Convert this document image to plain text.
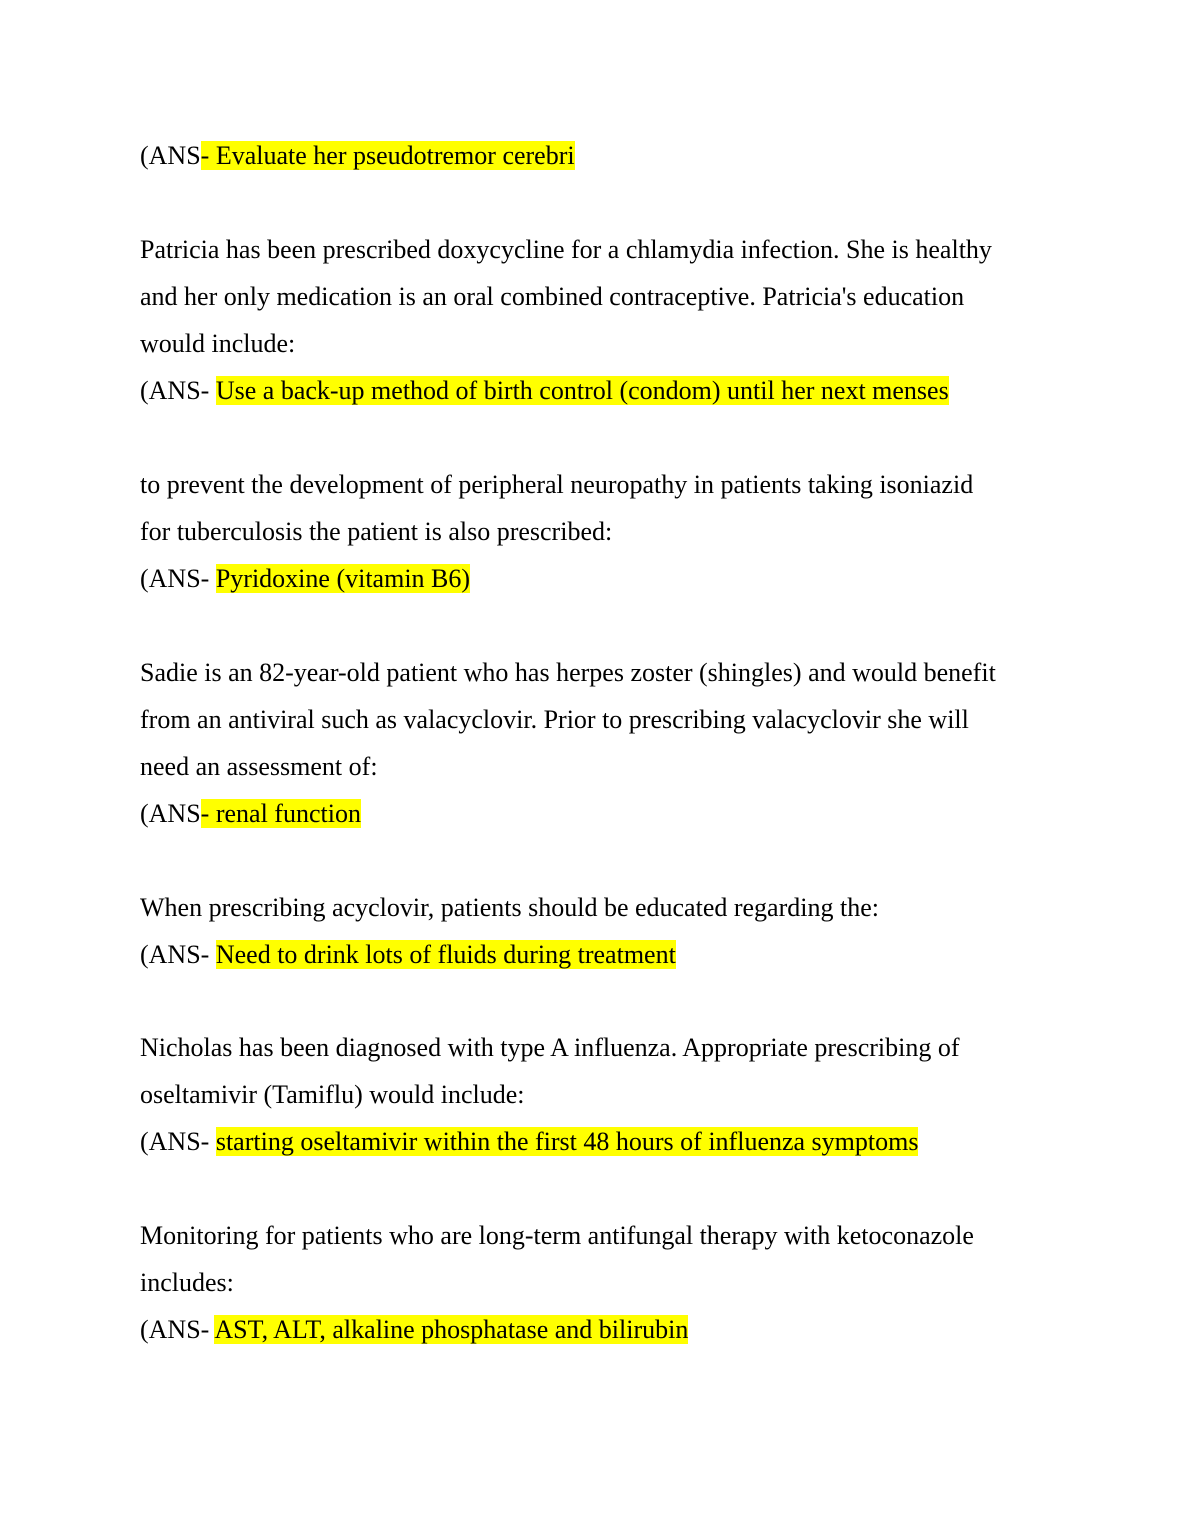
(ANS- Evaluate her pseudotremor cerebri
Patricia has been prescribed doxycycline for a chlamydia infection. She is healthy
and her only medication is an oral combined contraceptive. Patricia's education
would include:
(ANS- Use a back-up method of birth control (condom) until her next menses
to prevent the development of peripheral neuropathy in patients taking isoniazid
for tuberculosis the patient is also prescribed:
(ANS- Pyridoxine (vitamin B6)
Sadie is an 82-year-old patient who has herpes zoster (shingles) and would benefit
from an antiviral such as valacyclovir. Prior to prescribing valacyclovir she will
need an assessment of:
(ANS- renal function
When prescribing acyclovir, patients should be educated regarding the:
(ANS- Need to drink lots of fluids during treatment
Nicholas has been diagnosed with type A influenza. Appropriate prescribing of
oseltamivir (Tamiflu) would include:
(ANS- starting oseltamivir within the first 48 hours of influenza symptoms
Monitoring for patients who are long-term antifungal therapy with ketoconazole
includes:
(ANS- AST, ALT, alkaline phosphatase and bilirubin
